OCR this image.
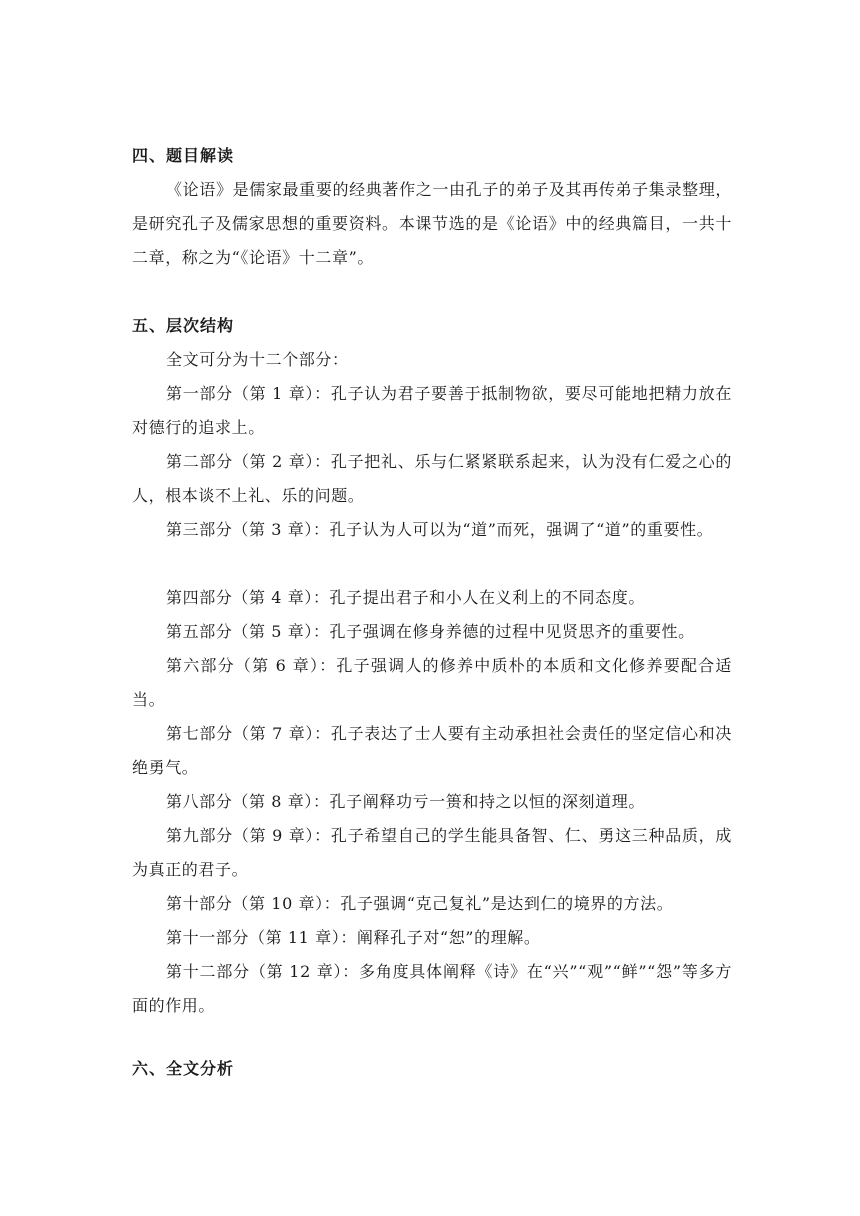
四、题目解读

《论语》是儒家最重要的经典著作之一由孔子的弟子及其再传弟子集录整理，是研究孔子及儒家思想的重要资料。本课节选的是《论语》中的经典篇目，一共十二章，称之为“《论语》十二章”。

五、层次结构

全文可分为十二个部分：

第一部分（第 1 章）：孔子认为君子要善于抵制物欲，要尽可能地把精力放在对德行的追求上。

第二部分（第 2 章）：孔子把礼、乐与仁紧紧联系起来，认为没有仁爱之心的人，根本谈不上礼、乐的问题。

第三部分（第 3 章）：孔子认为人可以为“道”而死，强调了“道”的重要性。

第四部分（第 4 章）：孔子提出君子和小人在义利上的不同态度。

第五部分（第 5 章）：孔子强调在修身养德的过程中见贤思齐的重要性。

第六部分（第 6 章）：孔子强调人的修养中质朴的本质和文化修养要配合适当。

第七部分（第 7 章）：孔子表达了士人要有主动承担社会责任的坚定信心和决绝勇气。

第八部分（第 8 章）：孔子阐释功亏一篑和持之以恒的深刻道理。

第九部分（第 9 章）：孔子希望自己的学生能具备智、仁、勇这三种品质，成为真正的君子。

第十部分（第 10 章）：孔子强调“克己复礼”是达到仁的境界的方法。

第十一部分（第 11 章）：阐释孔子对“恕”的理解。

第十二部分（第 12 章）：多角度具体阐释《诗》在“兴”“观”“鲜”“怨”等多方面的作用。

六、全文分析
